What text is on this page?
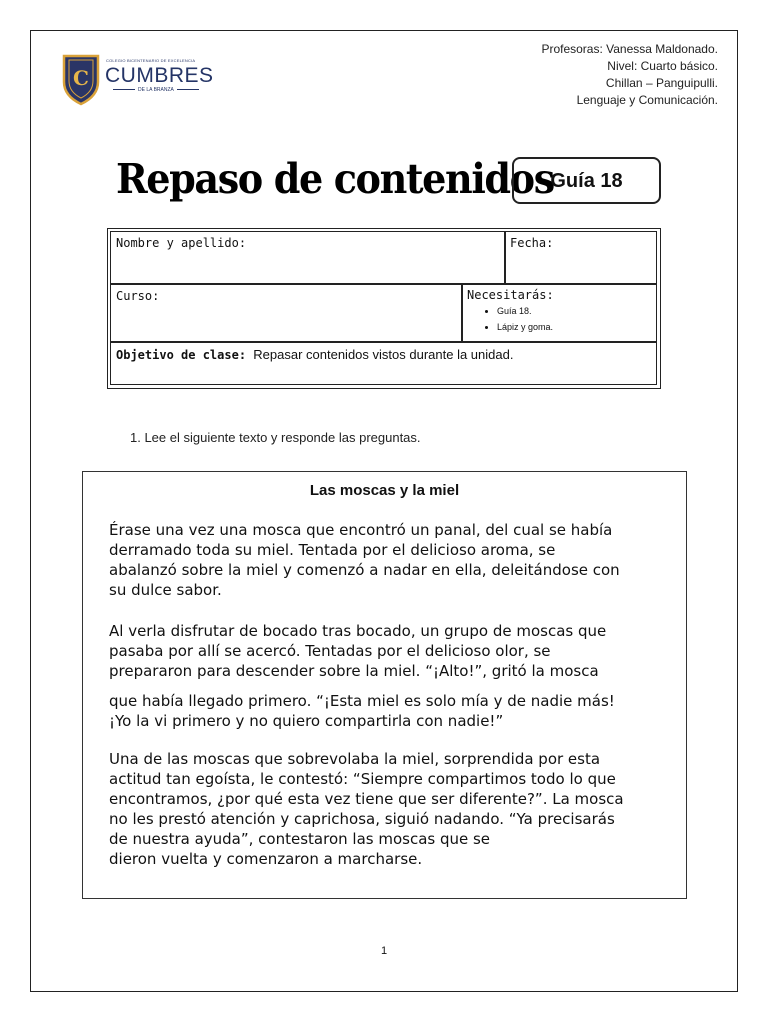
C
COLEGIO BICENTENARIO DE EXCELENCIA
CUMBRES
DE LA BRANZA
Profesoras: Vanessa Maldonado.
Nivel: Cuarto básico.
Chillan – Panguipulli.
Lenguaje y Comunicación.
Repaso de contenidos
Guía 18
Nombre y apellido:	Fecha:
Curso:	Necesitarás:
• Guía 18.
• Lápiz y goma.
Objetivo de clase: Repasar contenidos vistos durante la unidad.
1. Lee el siguiente texto y responde las preguntas.
Las moscas y la miel
Érase una vez una mosca que encontró un panal, del cual se había
derramado toda su miel. Tentada por el delicioso aroma, se
abalanzó sobre la miel y comenzó a nadar en ella, deleitándose con
su dulce sabor.
Al verla disfrutar de bocado tras bocado, un grupo de moscas que
pasaba por allí se acercó. Tentadas por el delicioso olor, se
prepararon para descender sobre la miel. “¡Alto!”, gritó la mosca
que había llegado primero. “¡Esta miel es solo mía y de nadie más!
¡Yo la vi primero y no quiero compartirla con nadie!”
Una de las moscas que sobrevolaba la miel, sorprendida por esta
actitud tan egoísta, le contestó: “Siempre compartimos todo lo que
encontramos, ¿por qué esta vez tiene que ser diferente?”. La mosca
no les prestó atención y caprichosa, siguió nadando. “Ya precisarás
de nuestra ayuda”, contestaron las moscas que se
dieron vuelta y comenzaron a marcharse.
1
